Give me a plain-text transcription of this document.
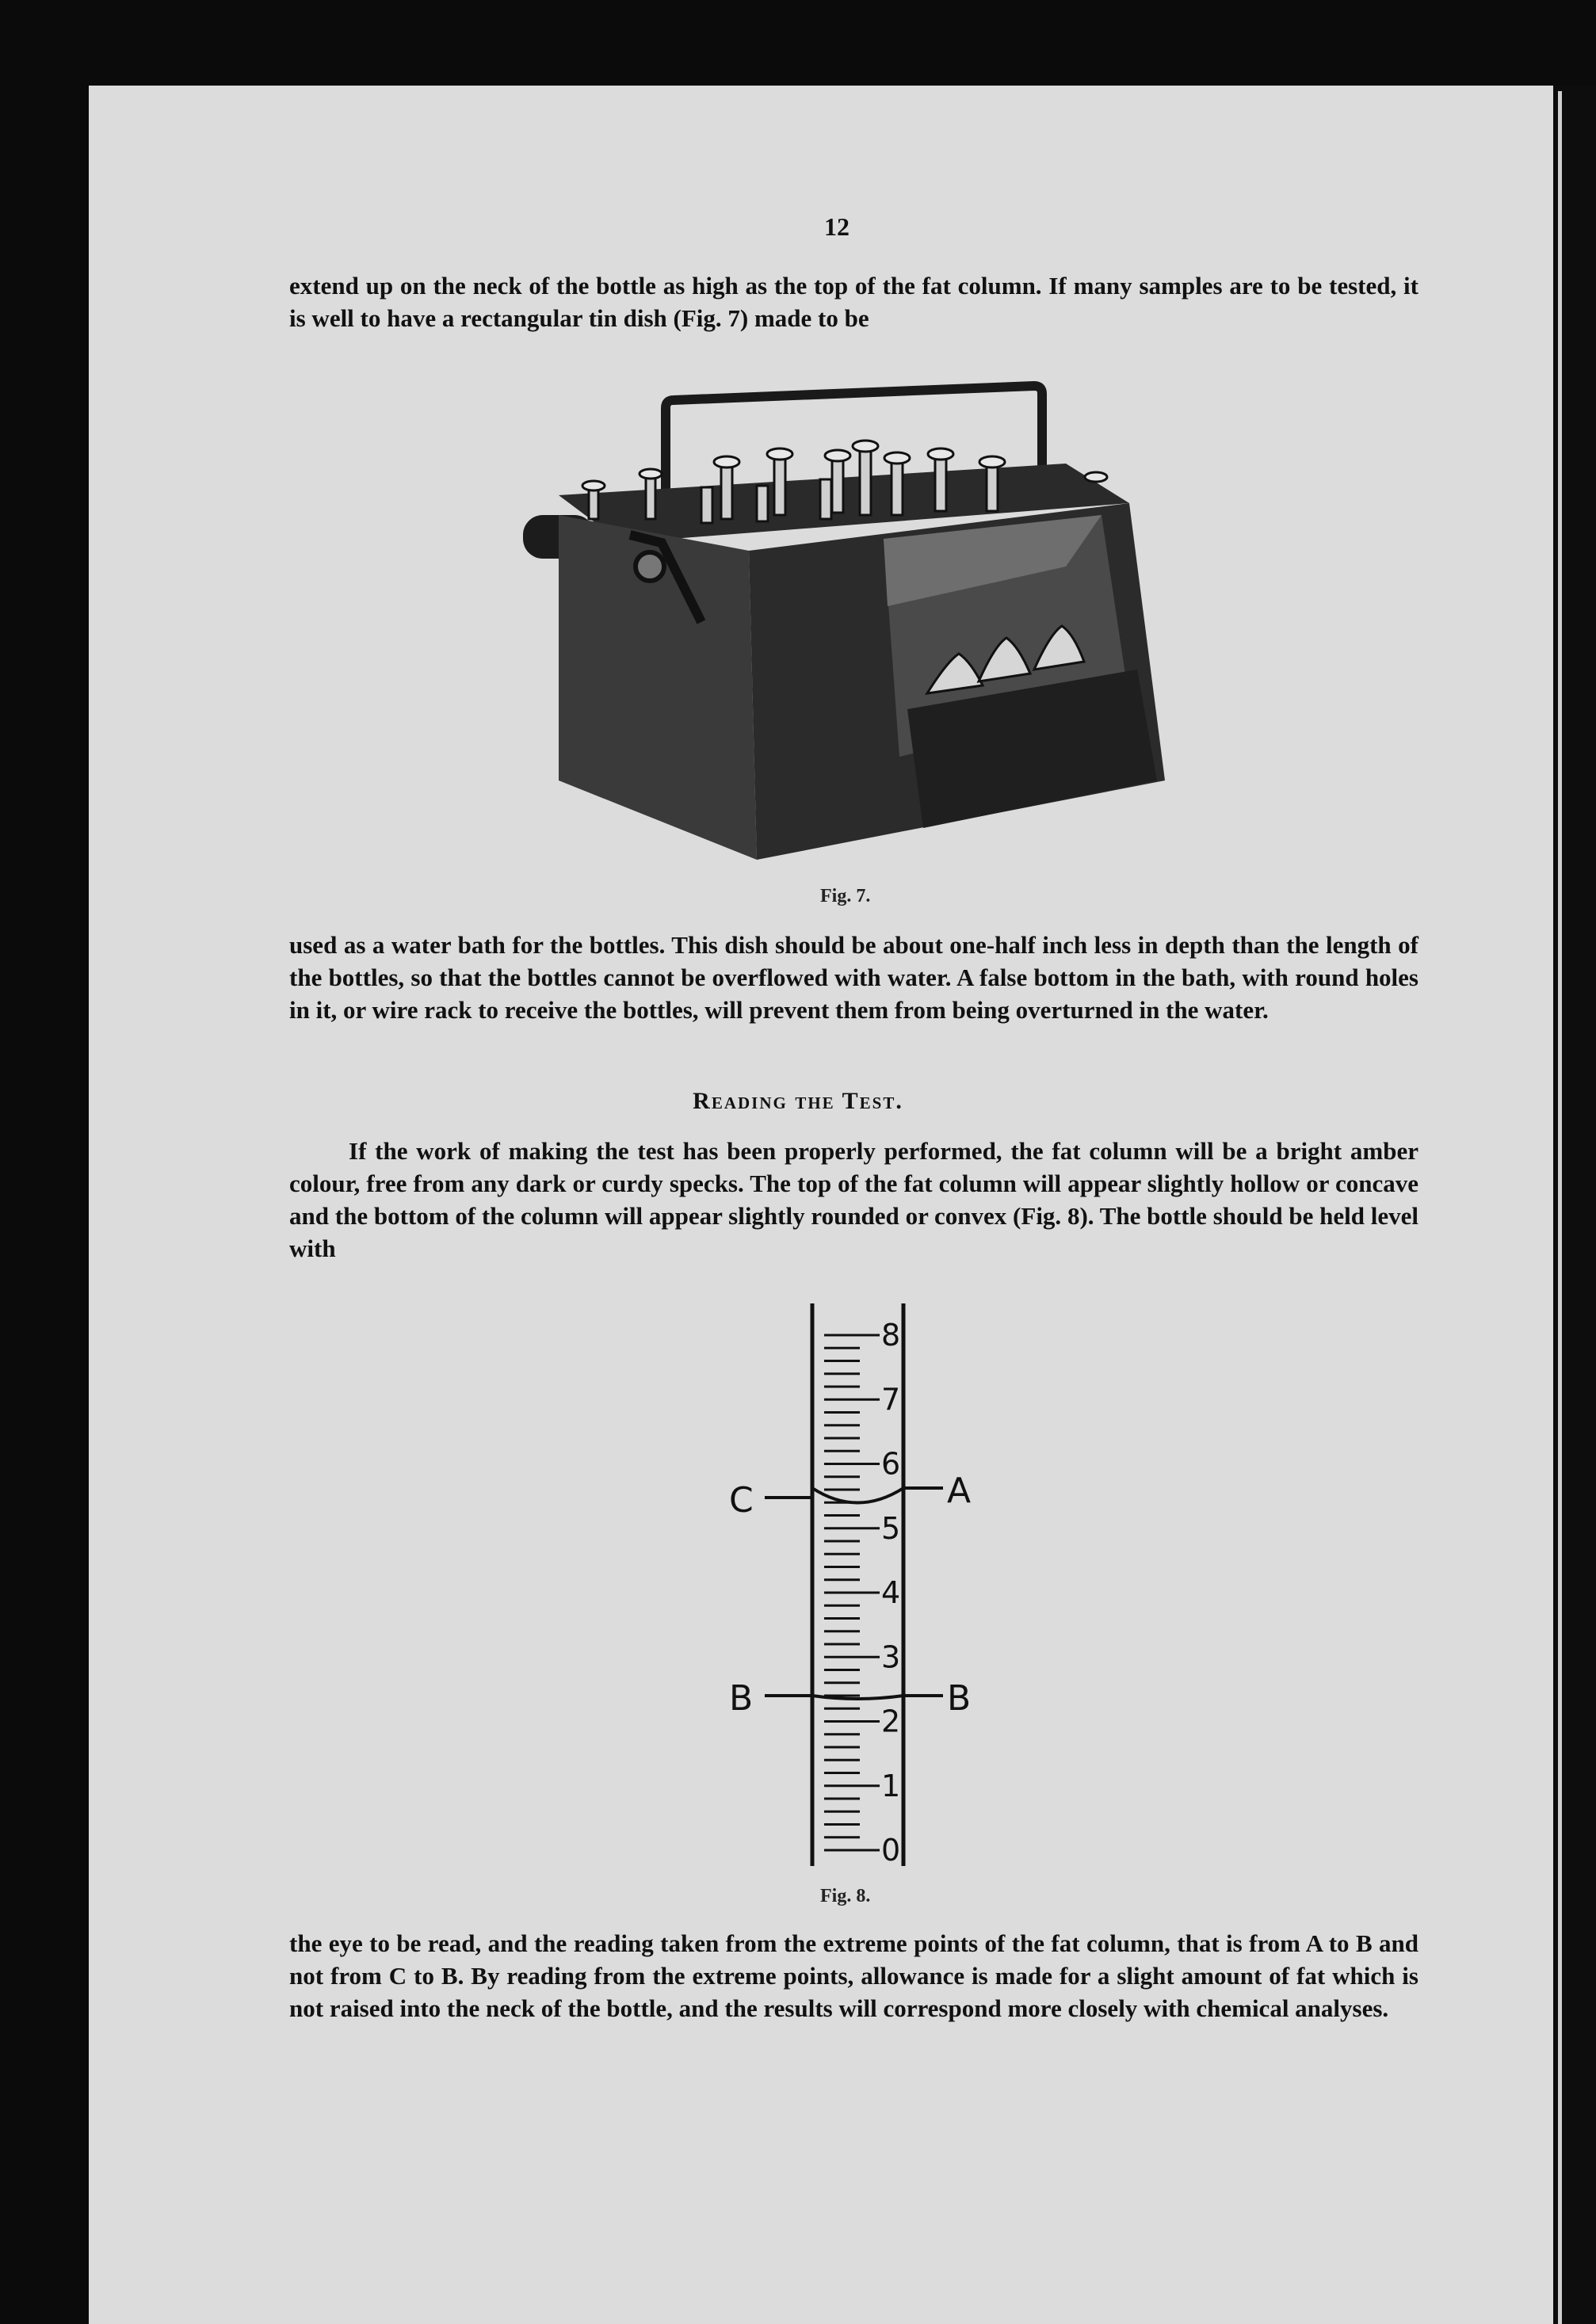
12

extend up on the neck of the bottle as high as the top of the fat column. If many samples are to be tested, it is well to have a rectangular tin dish (Fig. 7) made to be

Fig. 7.

used as a water bath for the bottles. This dish should be about one-half inch less in depth than the length of the bottles, so that the bottles cannot be overflowed with water. A false bottom in the bath, with round holes in it, or wire rack to receive the bottles, will prevent them from being overturned in the water.

Reading the Test.

If the work of making the test has been properly performed, the fat column will be a bright amber colour, free from any dark or curdy specks. The top of the fat column will appear slightly hollow or concave and the bottom of the column will appear slightly rounded or convex (Fig. 8). The bottle should be held level with

8
7
6
5
4
3
2
1
0
C
B
A
B
Fig. 8.

the eye to be read, and the reading taken from the extreme points of the fat column, that is from A to B and not from C to B. By reading from the extreme points, allowance is made for a slight amount of fat which is not raised into the neck of the bottle, and the results will correspond more closely with chemical analyses.
